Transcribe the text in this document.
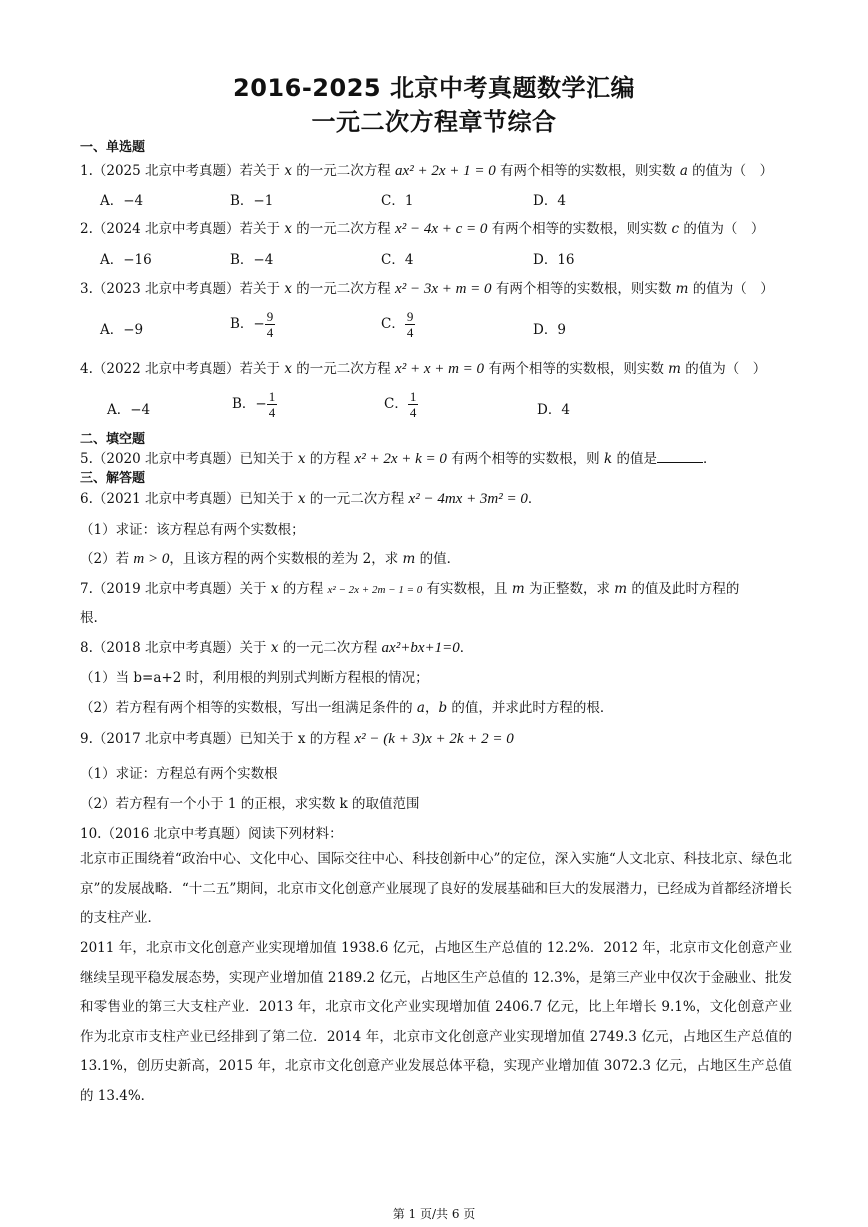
2016-2025 北京中考真题数学汇编
一元二次方程章节综合
一、单选题
1.（2025 北京中考真题）若关于 x 的一元二次方程 ax² + 2x + 1 = 0 有两个相等的实数根，则实数 a 的值为（　）
A．−4	B．−1	C．1	D．4
2.（2024 北京中考真题）若关于 x 的一元二次方程 x² − 4x + c = 0 有两个相等的实数根，则实数 c 的值为（　）
A．−16	B．−4	C．4	D．16
3.（2023 北京中考真题）若关于 x 的一元二次方程 x² − 3x + m = 0 有两个相等的实数根，则实数 m 的值为（　）
A．−9	B．− $\frac{9}{4}$	C． $\frac{9}{4}$	D．9
4.（2022 北京中考真题）若关于 x 的一元二次方程 x² + x + m = 0 有两个相等的实数根，则实数 m 的值为（　）
A．−4	B．− $\frac{1}{4}$	C． $\frac{1}{4}$	D．4
二、填空题
5.（2020 北京中考真题）已知关于 x 的方程 x² + 2x + k = 0 有两个相等的实数根，则 k 的值是	．
三、解答题
6.（2021 北京中考真题）已知关于 x 的一元二次方程 x² − 4mx + 3m² = 0．
（1）求证：该方程总有两个实数根；
（2）若 m > 0，且该方程的两个实数根的差为 2，求 m 的值．
7.（2019 北京中考真题）关于 x 的方程 x² − 2x + 2m − 1 = 0 有实数根，且 m 为正整数，求 m 的值及此时方程的
根.
8.（2018 北京中考真题）关于 x 的一元二次方程 ax²+bx+1=0．
（1）当 b=a+2 时，利用根的判别式判断方程根的情况；
（2）若方程有两个相等的实数根，写出一组满足条件的 a，b 的值，并求此时方程的根．
9.（2017 北京中考真题）已知关于 x 的方程 x² − (k + 3)x + 2k + 2 = 0
（1）求证：方程总有两个实数根
（2）若方程有一个小于 1 的正根，求实数 k 的取值范围
10.（2016 北京中考真题）阅读下列材料：

北京市正围绕着“政治中心、文化中心、国际交往中心、科技创新中心”的定位，深入实施“人文北京、科技北京、绿色北京”的发展战略．“十二五”期间，北京市文化创意产业展现了良好的发展基础和巨大的发展潜力，已经成为首都经济增长的支柱产业．

2011 年，北京市文化创意产业实现增加值 1938.6 亿元，占地区生产总值的 12.2%．2012 年，北京市文化创意产业继续呈现平稳发展态势，实现产业增加值 2189.2 亿元，占地区生产总值的 12.3%，是第三产业中仅次于金融业、批发和零售业的第三大支柱产业．2013 年，北京市文化产业实现增加值 2406.7 亿元，比上年增长 9.1%，文化创意产业作为北京市支柱产业已经排到了第二位．2014 年，北京市文化创意产业实现增加值 2749.3 亿元，占地区生产总值的 13.1%，创历史新高，2015 年，北京市文化创意产业发展总体平稳，实现产业增加值 3072.3 亿元，占地区生产总值的 13.4%．

第 1 页/共 6 页
